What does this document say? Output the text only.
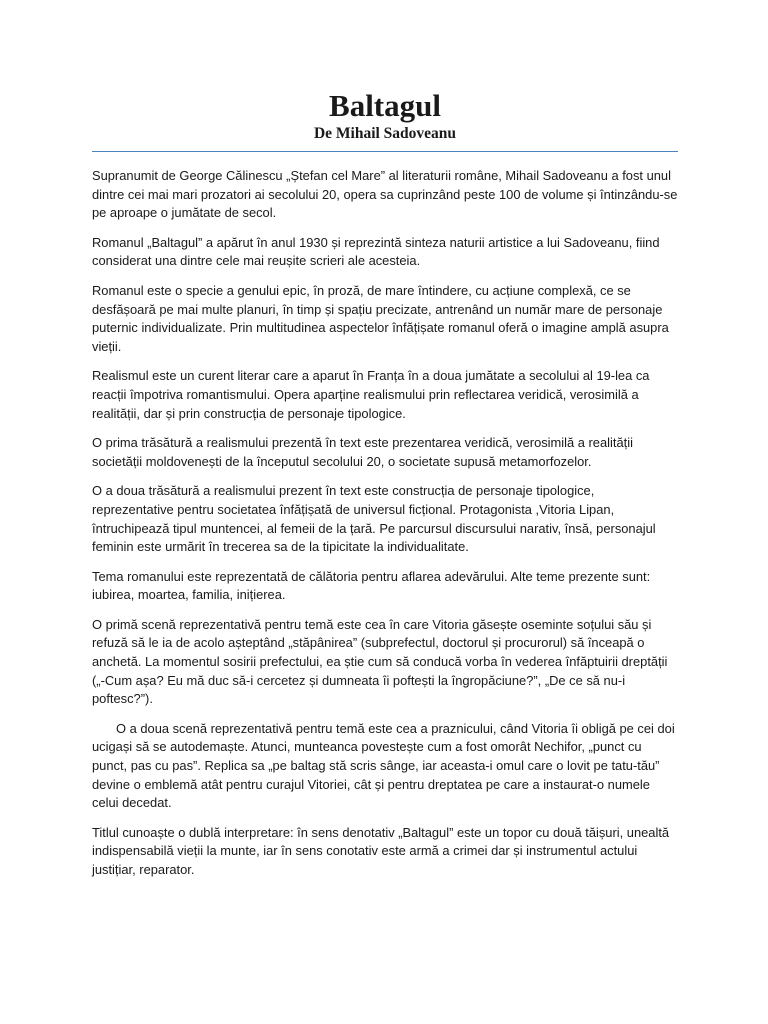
Baltagul
De Mihail Sadoveanu

Supranumit de George Călinescu „Ștefan cel Mare” al literaturii române, Mihail Sadoveanu a fost unul dintre cei mai mari prozatori ai secolului 20, opera sa cuprinzând peste 100 de volume și întinzându-se pe aproape o jumătate de secol.

Romanul „Baltagul” a apărut în anul 1930 și reprezintă sinteza naturii artistice a lui Sadoveanu, fiind considerat una dintre cele mai reușite scrieri ale acesteia.

Romanul este o specie a genului epic, în proză, de mare întindere, cu acțiune complexă, ce se desfășoară pe mai multe planuri, în timp și spațiu precizate, antrenând un număr mare de personaje puternic individualizate. Prin multitudinea aspectelor înfățișate romanul oferă o imagine amplă asupra vieții.

Realismul este un curent literar care a aparut în Franța în a doua jumătate a secolului al 19-lea ca reacții împotriva romantismului. Opera aparține realismului prin reflectarea veridică, verosimilă a realității, dar și prin construcția de personaje tipologice.

O prima trăsătură a realismului prezentă în text este prezentarea veridică, verosimilă a realității societății moldovenești de la începutul secolului 20, o societate supusă metamorfozelor.

O a doua trăsătură a realismului prezent în text este construcția de personaje tipologice, reprezentative pentru societatea înfățișată de universul ficțional. Protagonista ,Vitoria Lipan, întruchipează tipul muntencei, al femeii de la țară. Pe parcursul discursului narativ, însă, personajul feminin este urmărit în trecerea sa de la tipicitate la individualitate.

Tema romanului este reprezentată de călătoria pentru aflarea adevărului. Alte teme prezente sunt: iubirea, moartea, familia, inițierea.

O primă scenă reprezentativă pentru temă este cea în care Vitoria găsește oseminte soțului său și refuză să le ia de acolo așteptând „stăpânirea” (subprefectul, doctorul și procurorul) să înceapă o anchetă. La momentul sosirii prefectului, ea știe cum să conducă vorba în vederea înfăptuirii dreptății („-Cum așa? Eu mă duc să-i cercetez și dumneata îi poftești la îngropăciune?”, „De ce să nu-i poftesc?”).

O a doua scenă reprezentativă pentru temă este cea a praznicului, când Vitoria îi obligă pe cei doi ucigași să se autodemaște. Atunci, munteanca povestește cum a fost omorât Nechifor, „punct cu punct, pas cu pas”. Replica sa „pe baltag stă scris sânge, iar aceasta-i omul care o lovit pe tatu-tău” devine o emblemă atât pentru curajul Vitoriei, cât și pentru dreptatea pe care a instaurat-o numele celui decedat.

Titlul cunoaște o dublă interpretare: în sens denotativ „Baltagul” este un topor cu două tăișuri, unealtă indispensabilă vieții la munte, iar în sens conotativ este armă a crimei dar și instrumentul actului justițiar, reparator.
